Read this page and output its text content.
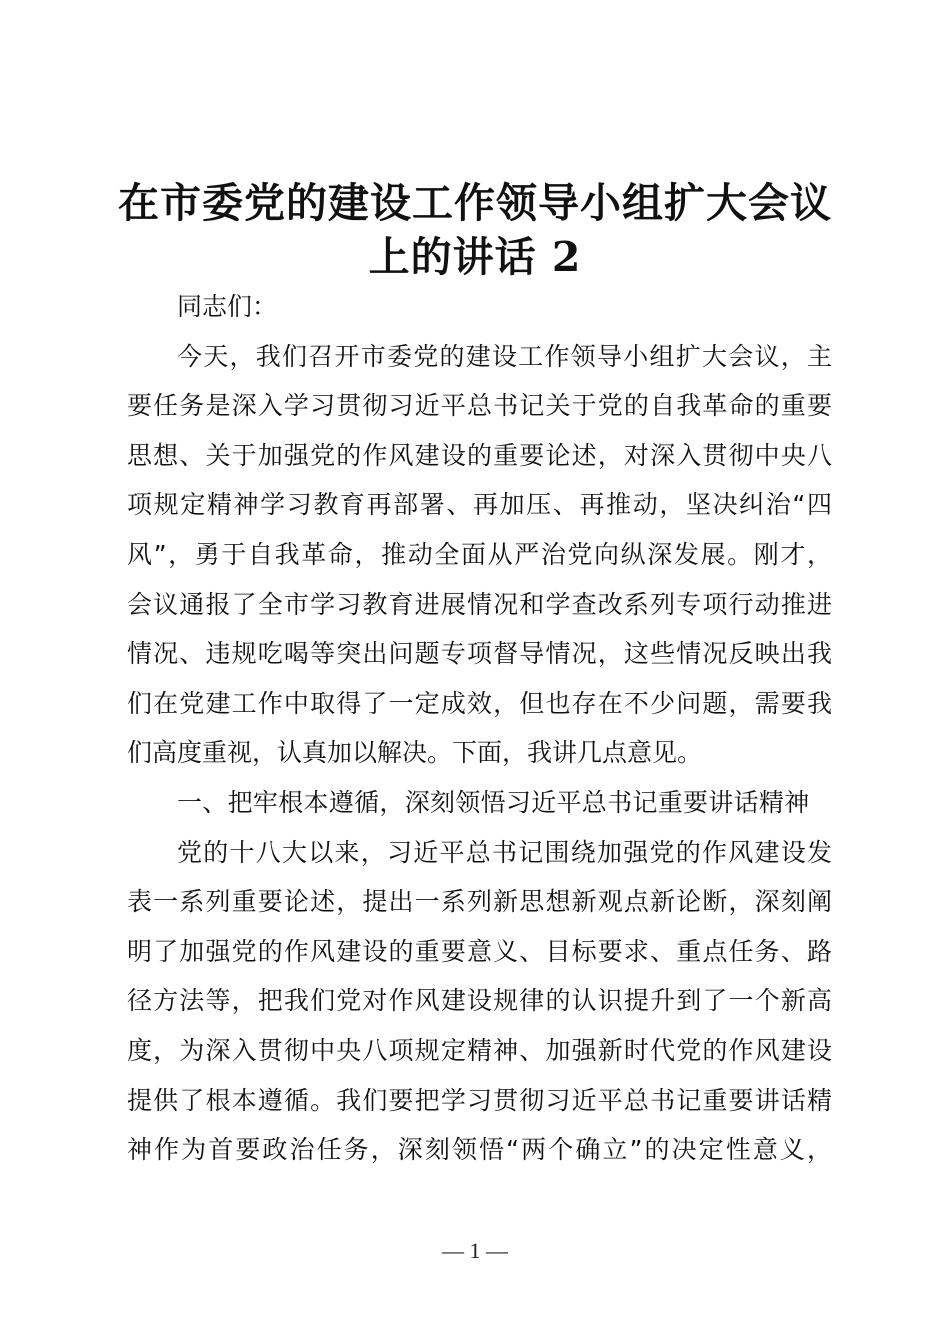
在市委党的建设工作领导小组扩大会议
上的讲话 2
同志们：
今天，我们召开市委党的建设工作领导小组扩大会议，主
要任务是深入学习贯彻习近平总书记关于党的自我革命的重要
思想、关于加强党的作风建设的重要论述，对深入贯彻中央八
项规定精神学习教育再部署、再加压、再推动，坚决纠治“四
风”，勇于自我革命，推动全面从严治党向纵深发展。刚才，
会议通报了全市学习教育进展情况和学查改系列专项行动推进
情况、违规吃喝等突出问题专项督导情况，这些情况反映出我
们在党建工作中取得了一定成效，但也存在不少问题，需要我
们高度重视，认真加以解决。下面，我讲几点意见。
一、把牢根本遵循，深刻领悟习近平总书记重要讲话精神
党的十八大以来，习近平总书记围绕加强党的作风建设发
表一系列重要论述，提出一系列新思想新观点新论断，深刻阐
明了加强党的作风建设的重要意义、目标要求、重点任务、路
径方法等，把我们党对作风建设规律的认识提升到了一个新高
度，为深入贯彻中央八项规定精神、加强新时代党的作风建设
提供了根本遵循。我们要把学习贯彻习近平总书记重要讲话精
神作为首要政治任务，深刻领悟“两个确立”的决定性意义，
— 1 —
